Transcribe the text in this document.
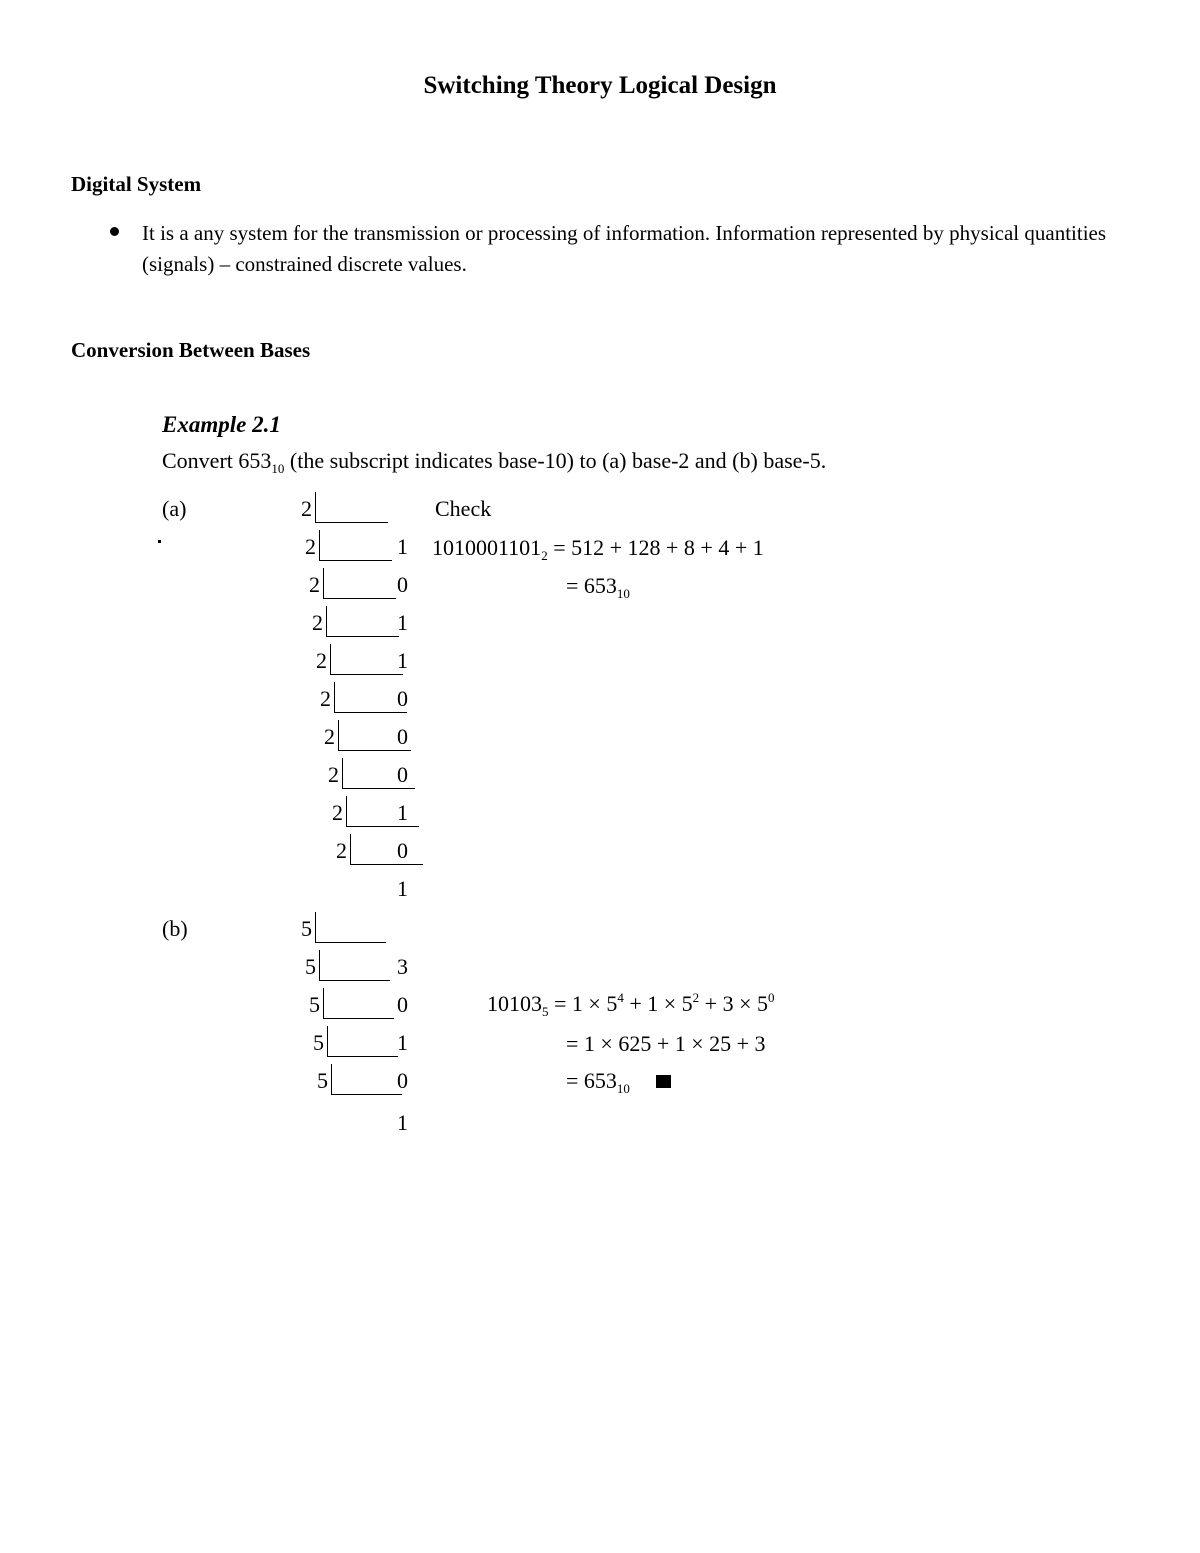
Switching Theory Logical Design
Digital System
It is a any system for the transmission or processing of information. Information represented by physical quantities (signals) – constrained discrete values.
Conversion Between Bases
Example 2.1
Convert $653_{10}$ (the subscript indicates base-10) to (a) base-2 and (b) base-5.
(a)	2
2	1
2	0
2	1
2	1
2	0
2	0
2	0
2 1
2 0
1
Check
$1010001101_2 = 512 + 128 + 8 + 4 + 1$
= $653_{10}$
(b)	5
5	3
5	0
5	1
5	0
1
$10103_5 = 1 \times 5^4 + 1 \times 5^2 + 3 \times 5^0$
= 1 × 625 + 1 × 25 + 3
= $653_{10}$
